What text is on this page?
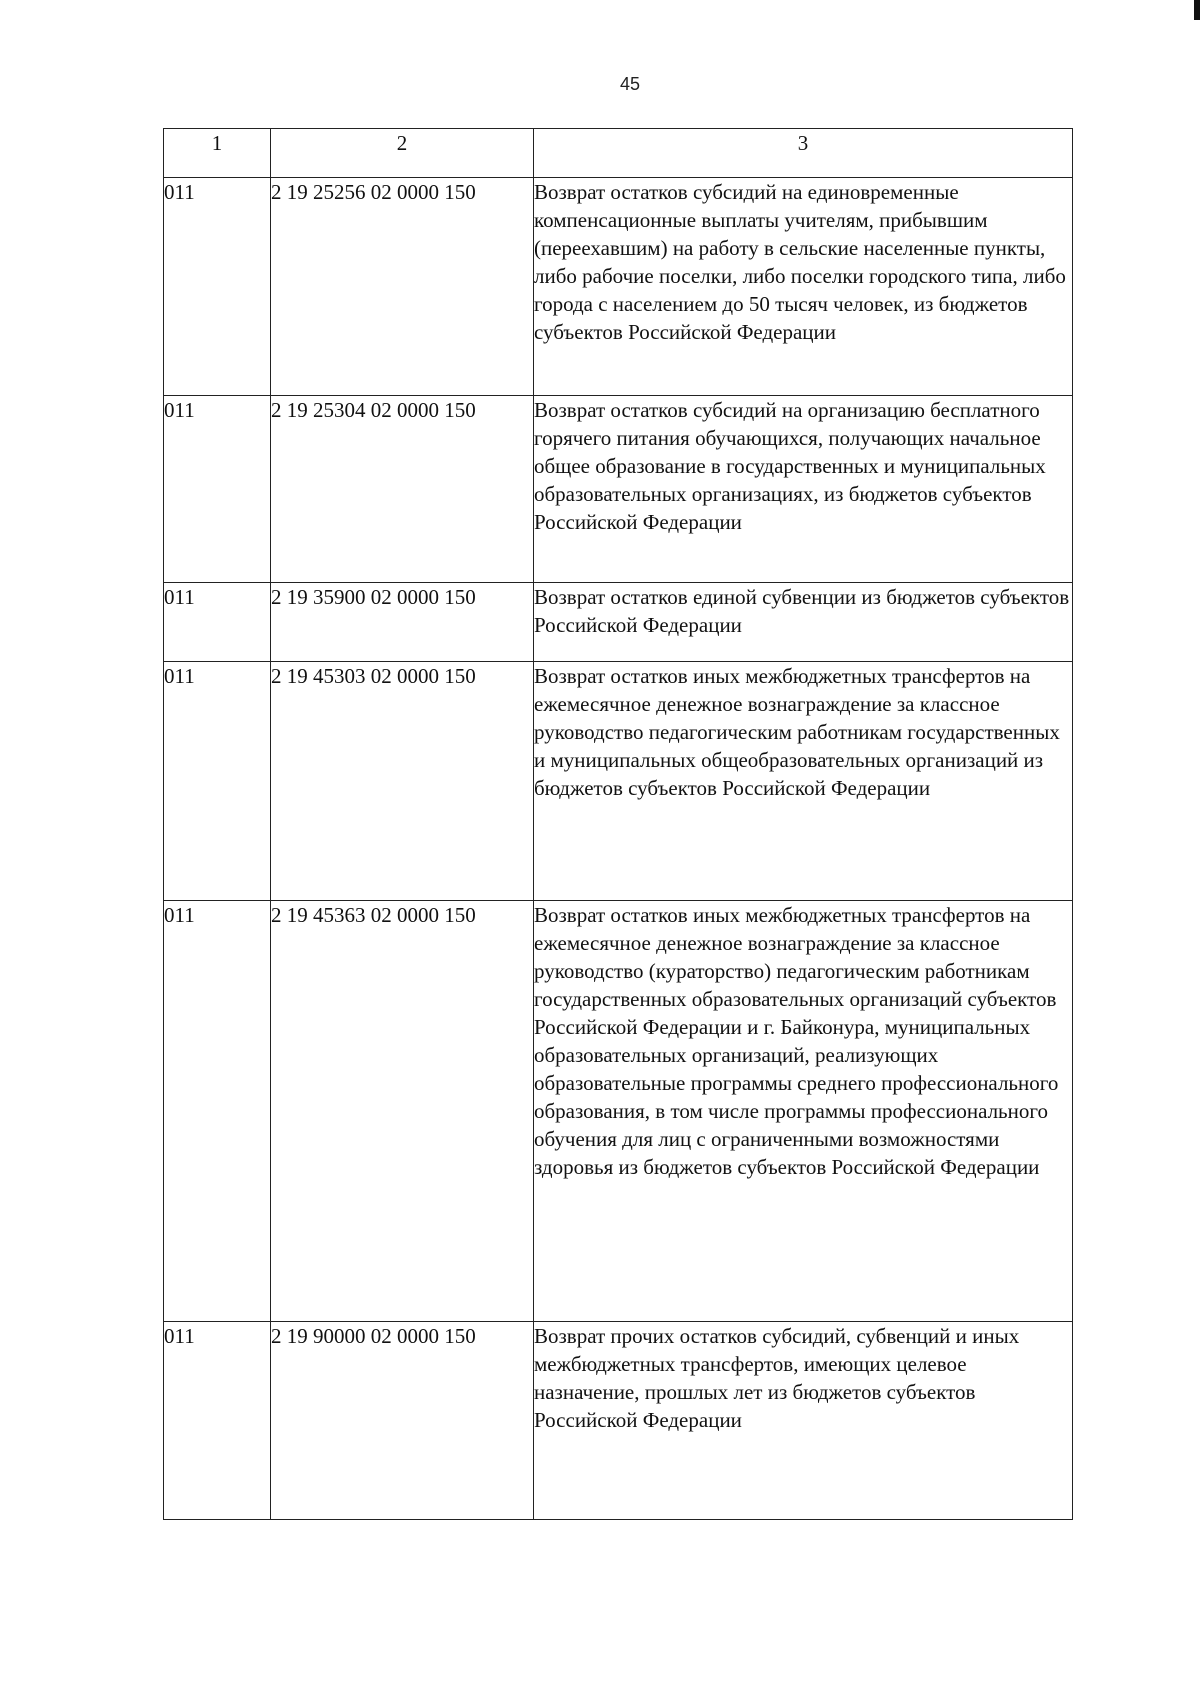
45
1	2	3
011	2 19 25256 02 0000 150	Возврат остатков субсидий на единовременные компенсационные выплаты учителям, прибывшим (переехавшим) на работу в сельские населенные пункты, либо рабочие поселки, либо поселки городского типа, либо города с населением до 50 тысяч человек, из бюджетов субъектов Российской Федерации
011	2 19 25304 02 0000 150	Возврат остатков субсидий на организацию бесплатного горячего питания обучающихся, получающих начальное общее образование в государственных и муниципальных образовательных организациях, из бюджетов субъектов Российской Федерации
011	2 19 35900 02 0000 150	Возврат остатков единой субвенции из бюджетов субъектов Российской Федерации
011	2 19 45303 02 0000 150	Возврат остатков иных межбюджетных трансфертов на ежемесячное денежное вознаграждение за классное руководство педагогическим работникам государственных и муниципальных общеобразовательных организаций из бюджетов субъектов Российской Федерации
011	2 19 45363 02 0000 150	Возврат остатков иных межбюджетных трансфертов на ежемесячное денежное вознаграждение за классное руководство (кураторство) педагогическим работникам государственных образовательных организаций субъектов Российской Федерации и г. Байконура, муниципальных образовательных организаций, реализующих образовательные программы среднего профессионального образования, в том числе программы профессионального обучения для лиц с ограниченными возможностями здоровья из бюджетов субъектов Российской Федерации
011	2 19 90000 02 0000 150	Возврат прочих остатков субсидий, субвенций и иных межбюджетных трансфертов, имеющих целевое назначение, прошлых лет из бюджетов субъектов Российской Федерации
